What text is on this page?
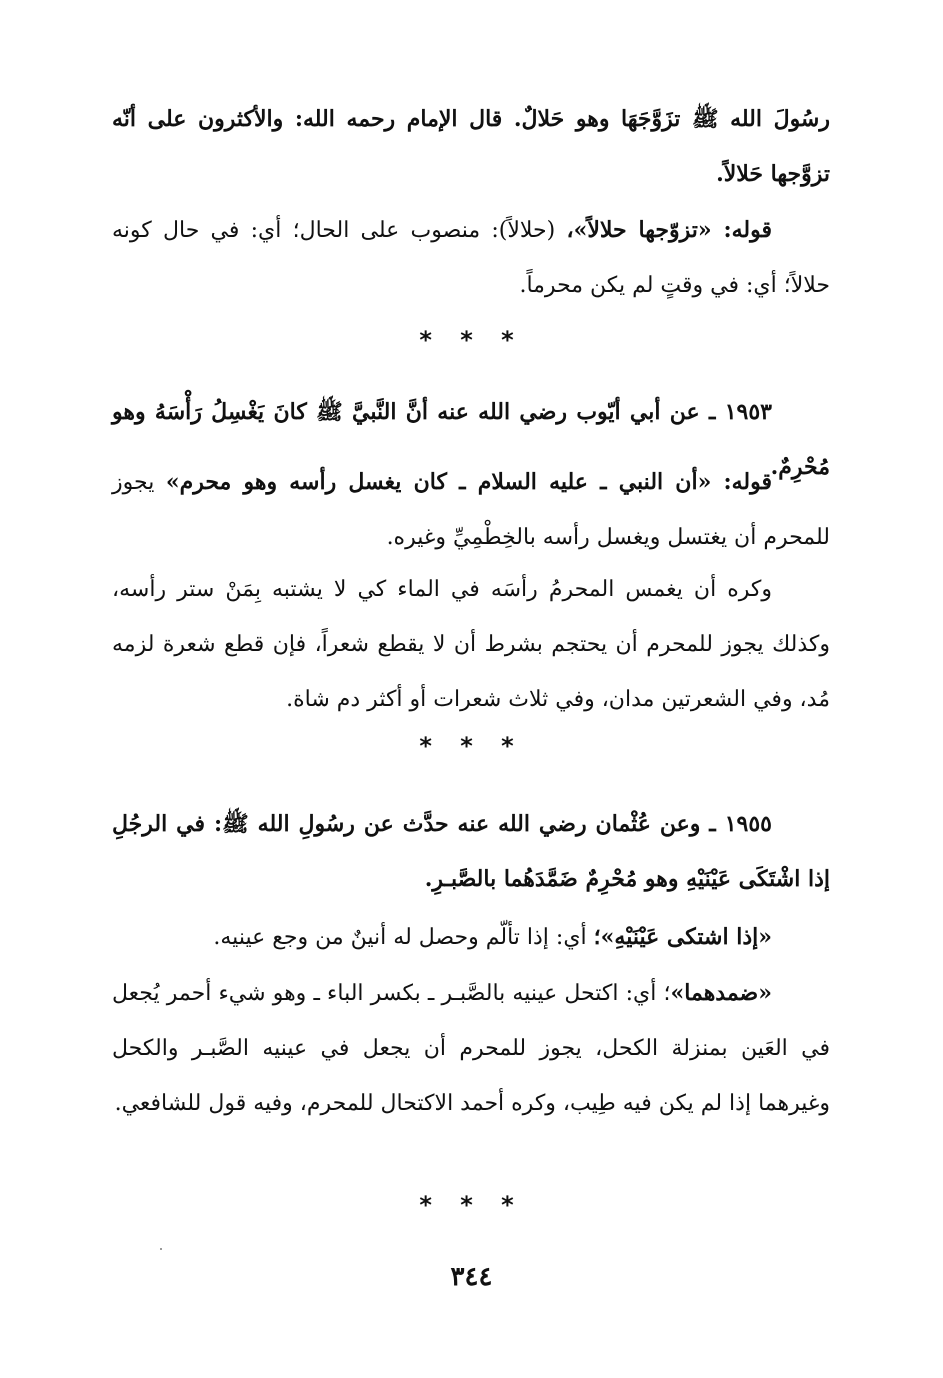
رسُولَ الله ﷺ تزَوَّجَهَا وهو حَلالٌ. قال الإمام رحمه الله: والأكثرون على أنّه تزوَّجها حَلالاً.
قوله: «تزوّجها حلالاً»، (حلالاً): منصوب على الحال؛ أي: في حال كونه حلالاً؛ أي: في وقتٍ لم يكن محرماً.
* * *
١٩٥٣ ـ عن أبي أيّوب رضي الله عنه أنَّ النَّبيَّ ﷺ كانَ يَغْسِلُ رَأْسَهُ وهو مُحْرِمٌ.
قوله: «أن النبي ـ عليه السلام ـ كان يغسل رأسه وهو محرم» يجوز للمحرم أن يغتسل ويغسل رأسه بالخِطْمِيِّ وغيره.
وكره أن يغمس المحرمُ رأسَه في الماء كي لا يشتبه بِمَنْ ستر رأسه، وكذلك يجوز للمحرم أن يحتجم بشرط أن لا يقطع شعراً، فإن قطع شعرة لزمه مُد، وفي الشعرتين مدان، وفي ثلاث شعرات أو أكثر دم شاة.
* * *
١٩٥٥ ـ وعن عُثْمان رضي الله عنه حدَّث عن رسُولِ الله ﷺ: في الرجُلِ إذا اشْتَكَى عَيْنَيْهِ وهو مُحْرِمٌ ضَمَّدَهُما بالصَّبـرِ.
«إذا اشتكى عَيْنَيْهِ»؛ أي: إذا تألّم وحصل له أنينٌ من وجع عينيه.
«ضمدهما»؛ أي: اكتحل عينيه بالصَّبـر ـ بكسر الباء ـ وهو شيء أحمر يُجعل في العَين بمنزلة الكحل، يجوز للمحرم أن يجعل في عينيه الصَّبـر والكحل وغيرهما إذا لم يكن فيه طِيب، وكره أحمد الاكتحال للمحرم، وفيه قول للشافعي.
* * *
٣٤٤
